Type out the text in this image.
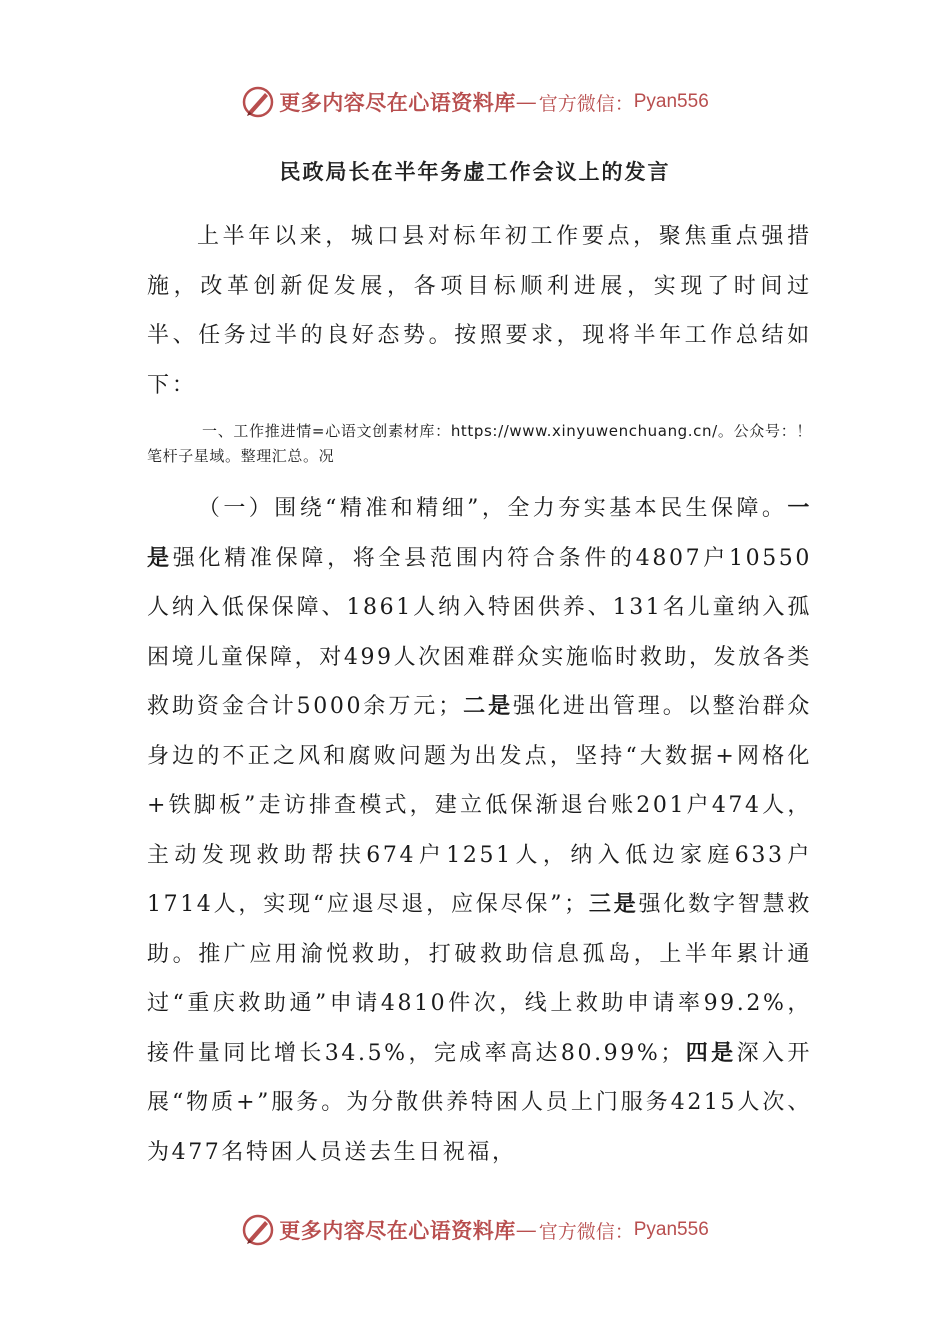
更多内容尽在心语资料库 — 官方微信： Pyan556
民政局长在半年务虚工作会议上的发言

上半年以来，城口县对标年初工作要点，聚焦重点强措施，改革创新促发展，各项目标顺利进展，实现了时间过半、任务过半的良好态势。按照要求，现将半年工作总结如下：

一、工作推进情=心语文创素材库：https://www.xinyuwenchuang.cn/。公众号：！笔杆子星域。整理汇总。况

（一）围绕“精准和精细”，全力夯实基本民生保障。一是强化精准保障，将全县范围内符合条件的4807户10550人纳入低保保障、1861人纳入特困供养、131名儿童纳入孤困境儿童保障，对499人次困难群众实施临时救助，发放各类救助资金合计5000余万元；二是强化进出管理。以整治群众身边的不正之风和腐败问题为出发点，坚持“大数据+网格化+铁脚板”走访排查模式，建立低保渐退台账201户474人，主动发现救助帮扶674户1251人，纳入低边家庭633户1714人，实现“应退尽退，应保尽保”；三是强化数字智慧救助。推广应用渝悦救助，打破救助信息孤岛，上半年累计通过“重庆救助通”申请4810件次，线上救助申请率99.2%，接件量同比增长34.5%，完成率高达80.99%；四是深入开展“物质+”服务。为分散供养特困人员上门服务4215人次、为477名特困人员送去生日祝福，

更多内容尽在心语资料库 — 官方微信： Pyan556
